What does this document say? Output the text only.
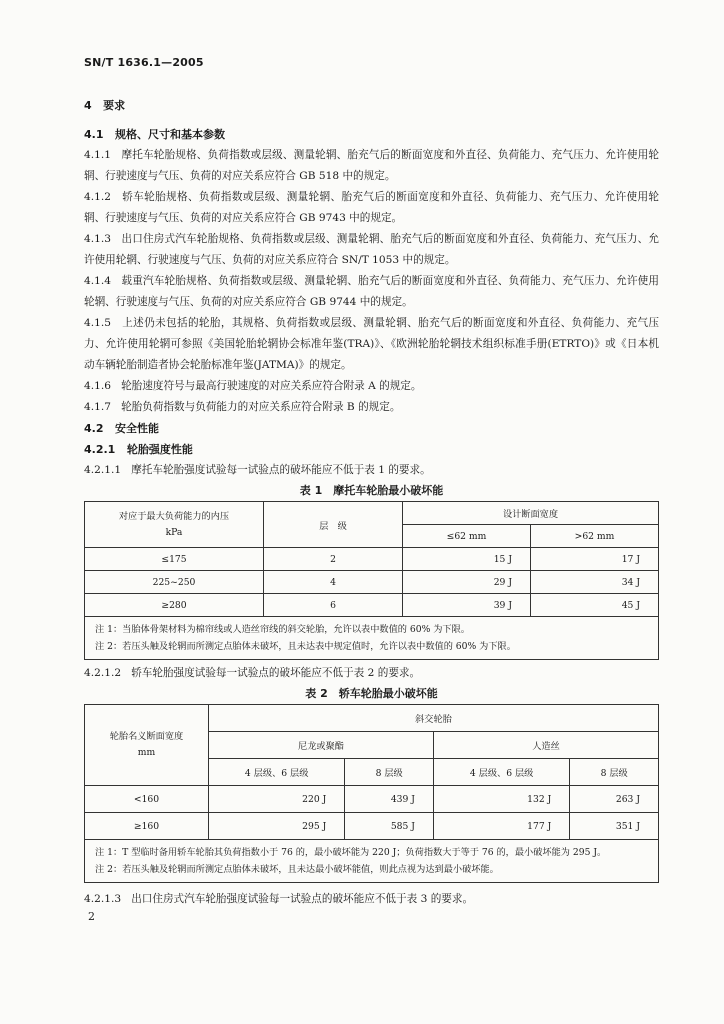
SN/T 1636.1—2005
4 要求
4.1 规格、尺寸和基本参数

4.1.1 摩托车轮胎规格、负荷指数或层级、测量轮辋、胎充气后的断面宽度和外直径、负荷能力、充气压力、允许使用轮辋、行驶速度与气压、负荷的对应关系应符合 GB 518 中的规定。

4.1.2 轿车轮胎规格、负荷指数或层级、测量轮辋、胎充气后的断面宽度和外直径、负荷能力、充气压力、允许使用轮辋、行驶速度与气压、负荷的对应关系应符合 GB 9743 中的规定。

4.1.3 出口住房式汽车轮胎规格、负荷指数或层级、测量轮辋、胎充气后的断面宽度和外直径、负荷能力、充气压力、允许使用轮辋、行驶速度与气压、负荷的对应关系应符合 SN/T 1053 中的规定。

4.1.4 载重汽车轮胎规格、负荷指数或层级、测量轮辋、胎充气后的断面宽度和外直径、负荷能力、充气压力、允许使用轮辋、行驶速度与气压、负荷的对应关系应符合 GB 9744 中的规定。

4.1.5 上述仍未包括的轮胎，其规格、负荷指数或层级、测量轮辋、胎充气后的断面宽度和外直径、负荷能力、充气压力、允许使用轮辋可参照《美国轮胎轮辋协会标准年鉴(TRA)》、《欧洲轮胎轮辋技术组织标准手册(ETRTO)》或《日本机动车辆轮胎制造者协会轮胎标准年鉴(JATMA)》的规定。

4.1.6 轮胎速度符号与最高行驶速度的对应关系应符合附录 A 的规定。

4.1.7 轮胎负荷指数与负荷能力的对应关系应符合附录 B 的规定。

4.2 安全性能
4.2.1 轮胎强度性能

4.2.1.1 摩托车轮胎强度试验每一试验点的破坏能应不低于表 1 的要求。

表 1　摩托车轮胎最小破坏能
对应于最大负荷能力的内压
kPa	层　级	设计断面宽度	
		≤62 mm	>62 mm
≤175	2	15 J	17 J
225~250	4	29 J	34 J
≥280	6	39 J	45 J

注 1：当胎体骨架材料为棉帘线或人造丝帘线的斜交轮胎，允许以表中数值的 60% 为下限。
注 2：若压头触及轮辋而所测定点胎体未破坏，且未达表中规定值时，允许以表中数值的 60% 为下限。			

4.2.1.2 轿车轮胎强度试验每一试验点的破坏能应不低于表 2 的要求。

表 2　轿车轮胎最小破坏能
轮胎名义断面宽度
mm	斜交轮胎			
	尼龙或聚酯		人造丝	
	4 层级、6 层级	8 层级	4 层级、6 层级	8 层级
<160	220 J	439 J	132 J	263 J
≥160	295 J	585 J	177 J	351 J

注 1：T 型临时备用轿车轮胎其负荷指数小于 76 的，最小破坏能为 220 J；负荷指数大于等于 76 的，最小破坏能为 295 J。
注 2：若压头触及轮辋而所测定点胎体未破坏，且未达最小破坏能值，则此点视为达到最小破坏能。				

4.2.1.3 出口住房式汽车轮胎强度试验每一试验点的破坏能应不低于表 3 的要求。

2
